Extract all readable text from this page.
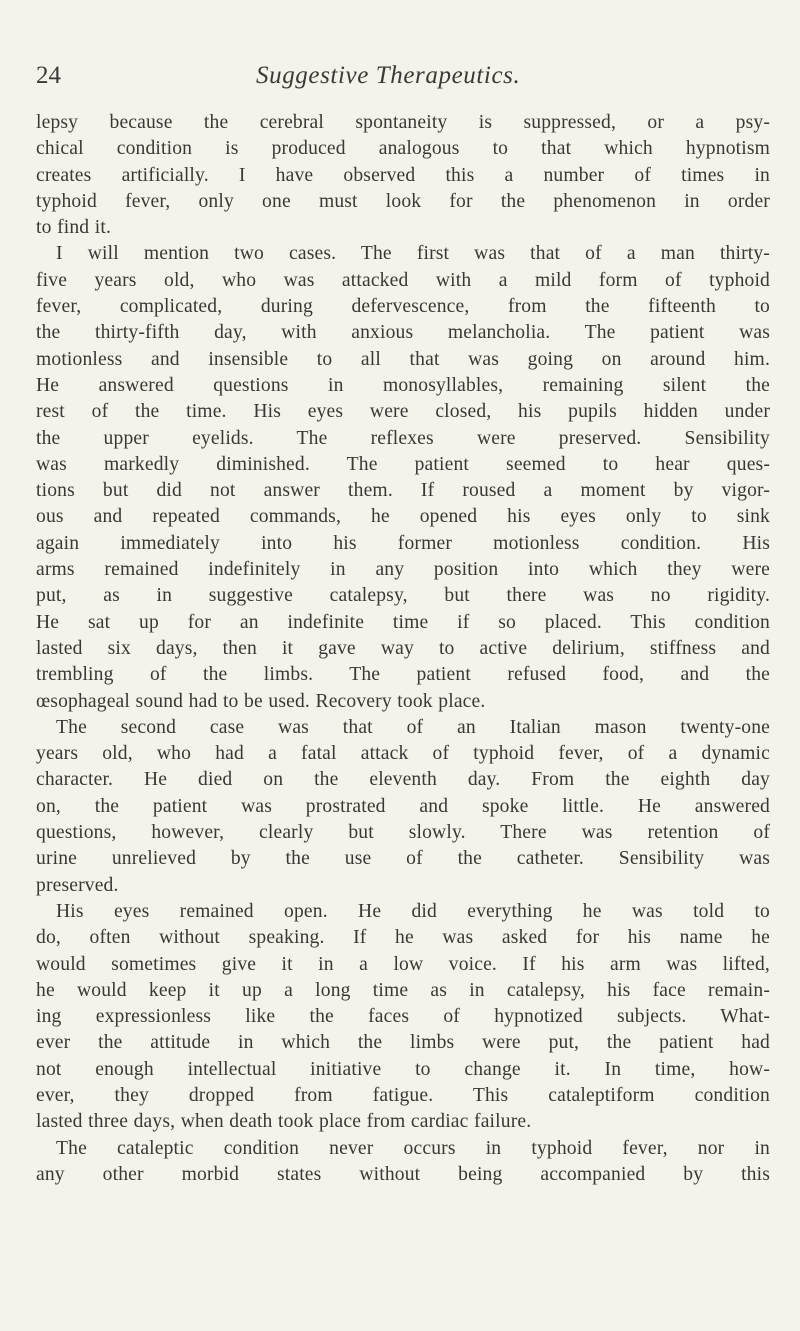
24	Suggestive Therapeutics.
lepsy because the cerebral spontaneity is suppressed, or a psy-
chical condition is produced analogous to that which hypnotism
creates artificially. I have observed this a number of times in
typhoid fever, only one must look for the phenomenon in order
to find it.
I will mention two cases. The first was that of a man thirty-
five years old, who was attacked with a mild form of typhoid
fever, complicated, during defervescence, from the fifteenth to
the thirty-fifth day, with anxious melancholia. The patient was
motionless and insensible to all that was going on around him.
He answered questions in monosyllables, remaining silent the
rest of the time. His eyes were closed, his pupils hidden under
the upper eyelids. The reflexes were preserved. Sensibility
was markedly diminished. The patient seemed to hear ques-
tions but did not answer them. If roused a moment by vigor-
ous and repeated commands, he opened his eyes only to sink
again immediately into his former motionless condition. His
arms remained indefinitely in any position into which they were
put, as in suggestive catalepsy, but there was no rigidity.
He sat up for an indefinite time if so placed. This condition
lasted six days, then it gave way to active delirium, stiffness and
trembling of the limbs. The patient refused food, and the
œsophageal sound had to be used. Recovery took place.
The second case was that of an Italian mason twenty-one
years old, who had a fatal attack of typhoid fever, of a dynamic
character. He died on the eleventh day. From the eighth day
on, the patient was prostrated and spoke little. He answered
questions, however, clearly but slowly. There was retention of
urine unrelieved by the use of the catheter. Sensibility was
preserved.
His eyes remained open. He did everything he was told to
do, often without speaking. If he was asked for his name he
would sometimes give it in a low voice. If his arm was lifted,
he would keep it up a long time as in catalepsy, his face remain-
ing expressionless like the faces of hypnotized subjects. What-
ever the attitude in which the limbs were put, the patient had
not enough intellectual initiative to change it. In time, how-
ever, they dropped from fatigue. This cataleptiform condition
lasted three days, when death took place from cardiac failure.
The cataleptic condition never occurs in typhoid fever, nor in
any other morbid states without being accompanied by this
